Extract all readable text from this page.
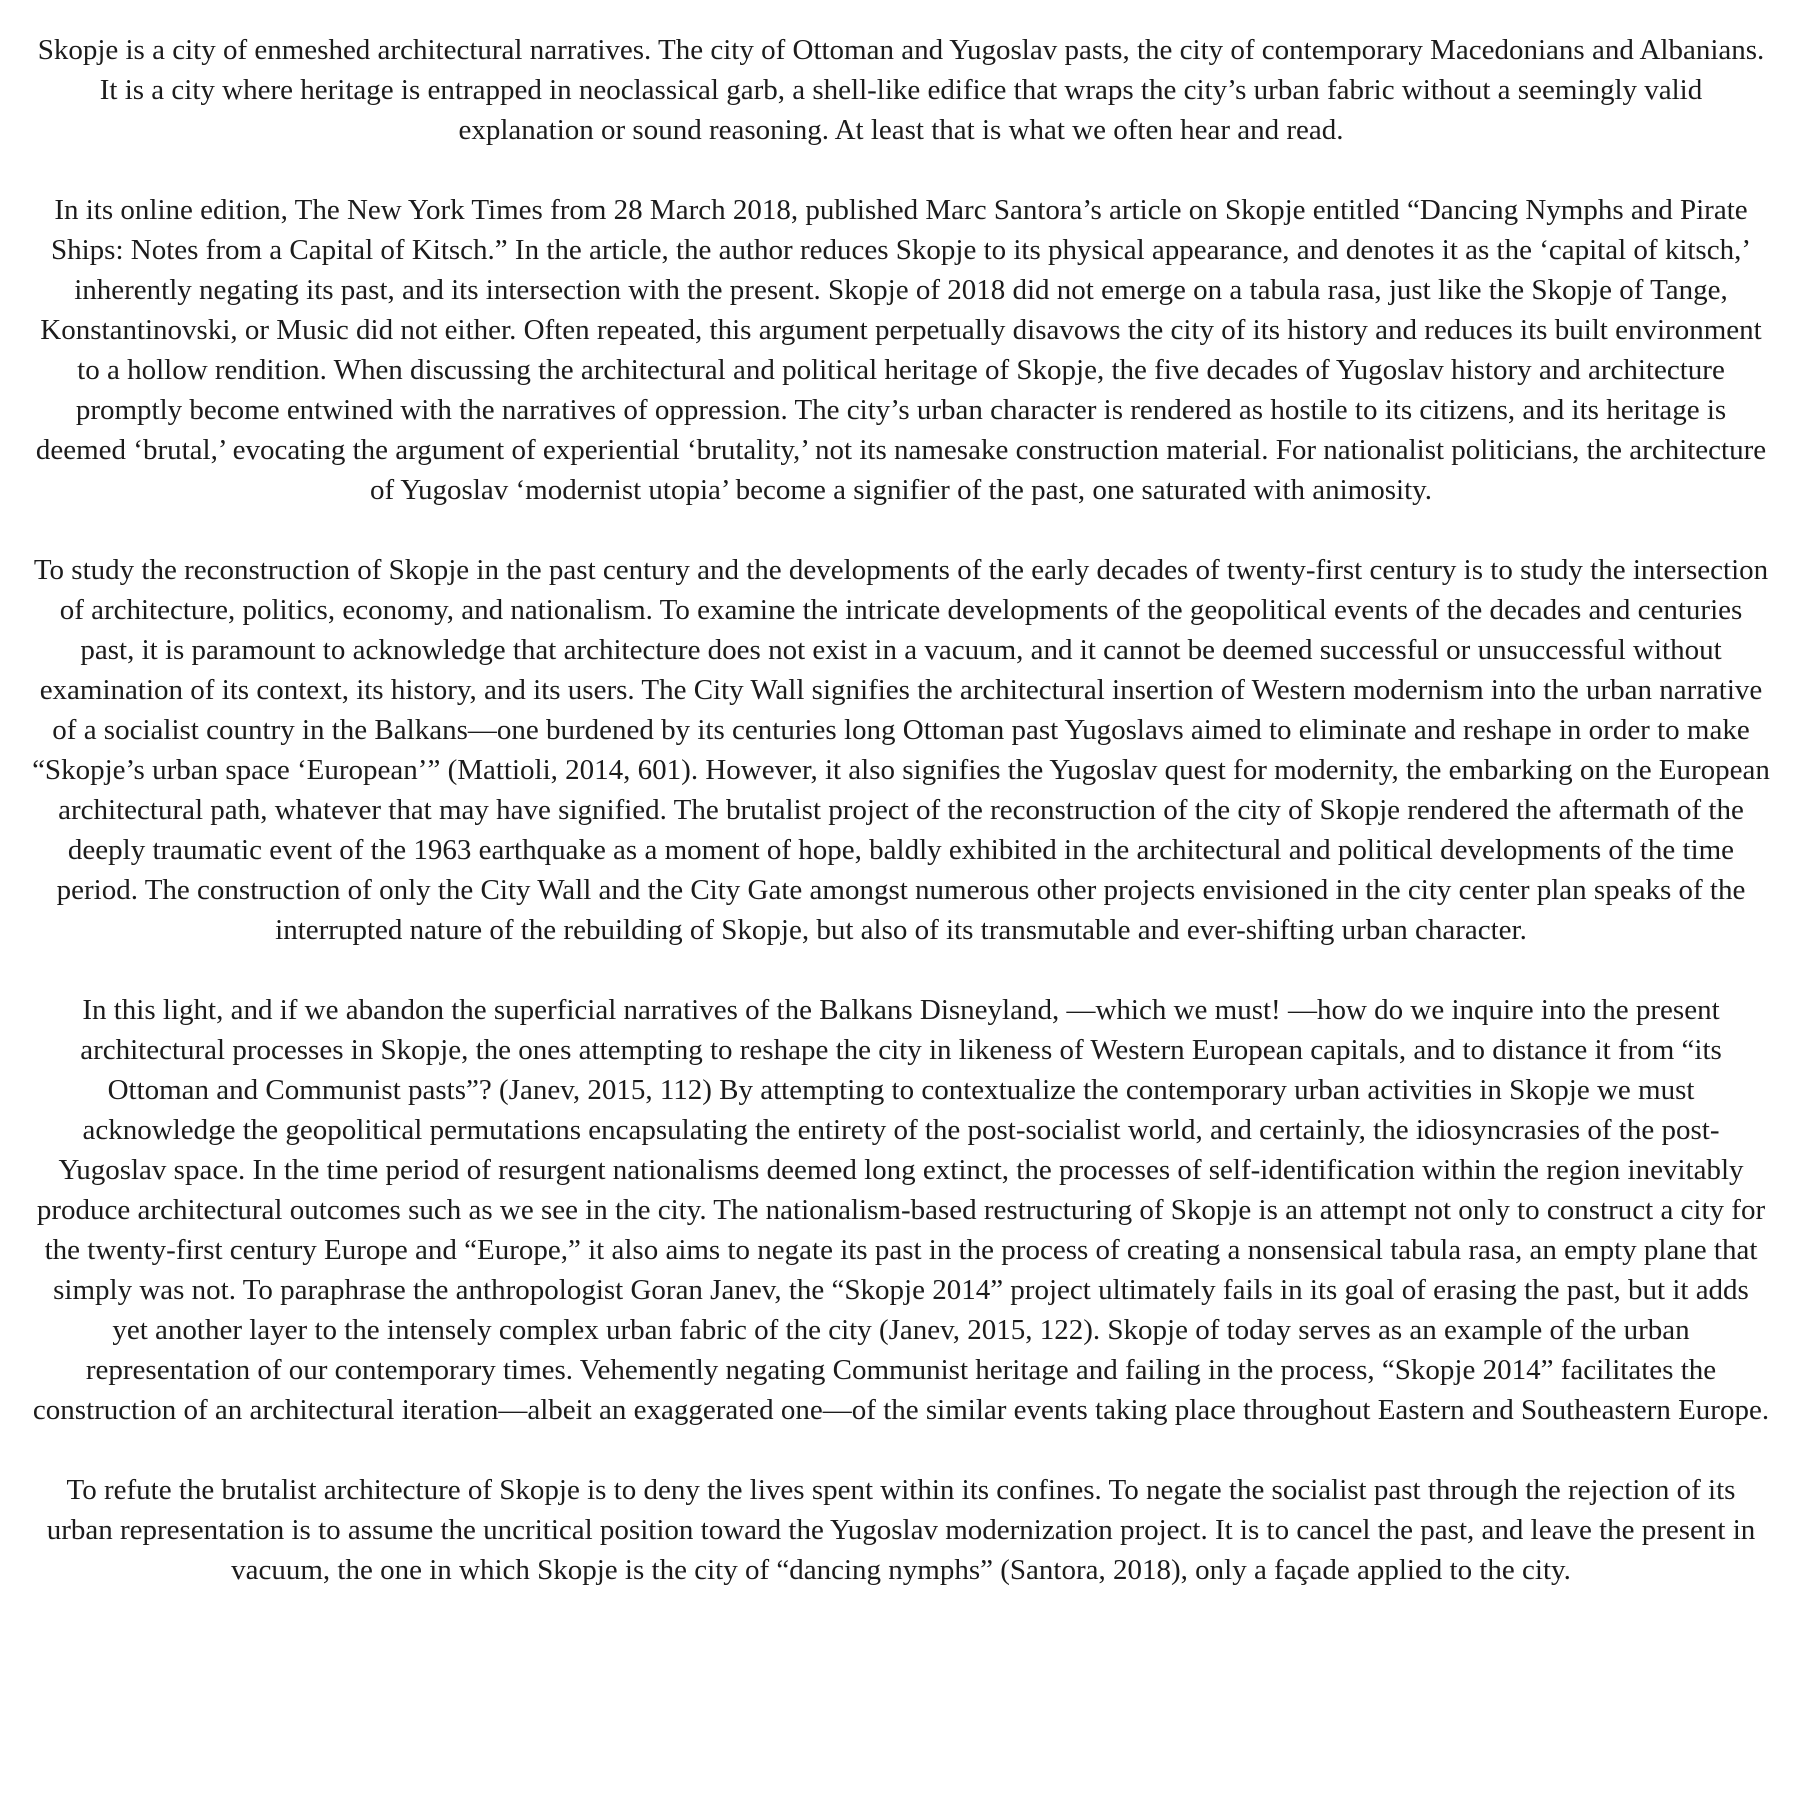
Skopje is a city of enmeshed architectural narratives. The city of Ottoman and Yugoslav pasts, the city of contemporary Macedonians and Albanians. It is a city where heritage is entrapped in neoclassical garb, a shell-like edifice that wraps the city’s urban fabric without a seemingly valid explanation or sound reasoning. At least that is what we often hear and read.

In its online edition, The New York Times from 28 March 2018, published Marc Santora’s article on Skopje entitled “Dancing Nymphs and Pirate Ships: Notes from a Capital of Kitsch.” In the article, the author reduces Skopje to its physical appearance, and denotes it as the ‘capital of kitsch,’ inherently negating its past, and its intersection with the present. Skopje of 2018 did not emerge on a tabula rasa, just like the Skopje of Tange, Konstantinovski, or Music did not either. Often repeated, this argument perpetually disavows the city of its history and reduces its built environment to a hollow rendition. When discussing the architectural and political heritage of Skopje, the five decades of Yugoslav history and architecture promptly become entwined with the narratives of oppression. The city’s urban character is rendered as hostile to its citizens, and its heritage is deemed ‘brutal,’ evocating the argument of experiential ‘brutality,’ not its namesake construction material. For nationalist politicians, the architecture of Yugoslav ‘modernist utopia’ become a signifier of the past, one saturated with animosity.

To study the reconstruction of Skopje in the past century and the developments of the early decades of twenty-first century is to study the intersection of architecture, politics, economy, and nationalism. To examine the intricate developments of the geopolitical events of the decades and centuries past, it is paramount to acknowledge that architecture does not exist in a vacuum, and it cannot be deemed successful or unsuccessful without examination of its context, its history, and its users. The City Wall signifies the architectural insertion of Western modernism into the urban narrative of a socialist country in the Balkans—one burdened by its centuries long Ottoman past Yugoslavs aimed to eliminate and reshape in order to make “Skopje’s urban space ‘European’” (Mattioli, 2014, 601). However, it also signifies the Yugoslav quest for modernity, the embarking on the European architectural path, whatever that may have signified. The brutalist project of the reconstruction of the city of Skopje rendered the aftermath of the deeply traumatic event of the 1963 earthquake as a moment of hope, baldly exhibited in the architectural and political developments of the time period. The construction of only the City Wall and the City Gate amongst numerous other projects envisioned in the city center plan speaks of the interrupted nature of the rebuilding of Skopje, but also of its transmutable and ever-shifting urban character.

In this light, and if we abandon the superficial narratives of the Balkans Disneyland, —which we must! —how do we inquire into the present architectural processes in Skopje, the ones attempting to reshape the city in likeness of Western European capitals, and to distance it from “its Ottoman and Communist pasts”? (Janev, 2015, 112) By attempting to contextualize the contemporary urban activities in Skopje we must acknowledge the geopolitical permutations encapsulating the entirety of the post-socialist world, and certainly, the idiosyncrasies of the post-Yugoslav space. In the time period of resurgent nationalisms deemed long extinct, the processes of self-identification within the region inevitably produce architectural outcomes such as we see in the city. The nationalism-based restructuring of Skopje is an attempt not only to construct a city for the twenty-first century Europe and “Europe,” it also aims to negate its past in the process of creating a nonsensical tabula rasa, an empty plane that simply was not. To paraphrase the anthropologist Goran Janev, the “Skopje 2014” project ultimately fails in its goal of erasing the past, but it adds yet another layer to the intensely complex urban fabric of the city (Janev, 2015, 122). Skopje of today serves as an example of the urban representation of our contemporary times. Vehemently negating Communist heritage and failing in the process, “Skopje 2014” facilitates the construction of an architectural iteration—albeit an exaggerated one—of the similar events taking place throughout Eastern and Southeastern Europe.

To refute the brutalist architecture of Skopje is to deny the lives spent within its confines. To negate the socialist past through the rejection of its urban representation is to assume the uncritical position toward the Yugoslav modernization project. It is to cancel the past, and leave the present in vacuum, the one in which Skopje is the city of “dancing nymphs” (Santora, 2018), only a façade applied to the city.
